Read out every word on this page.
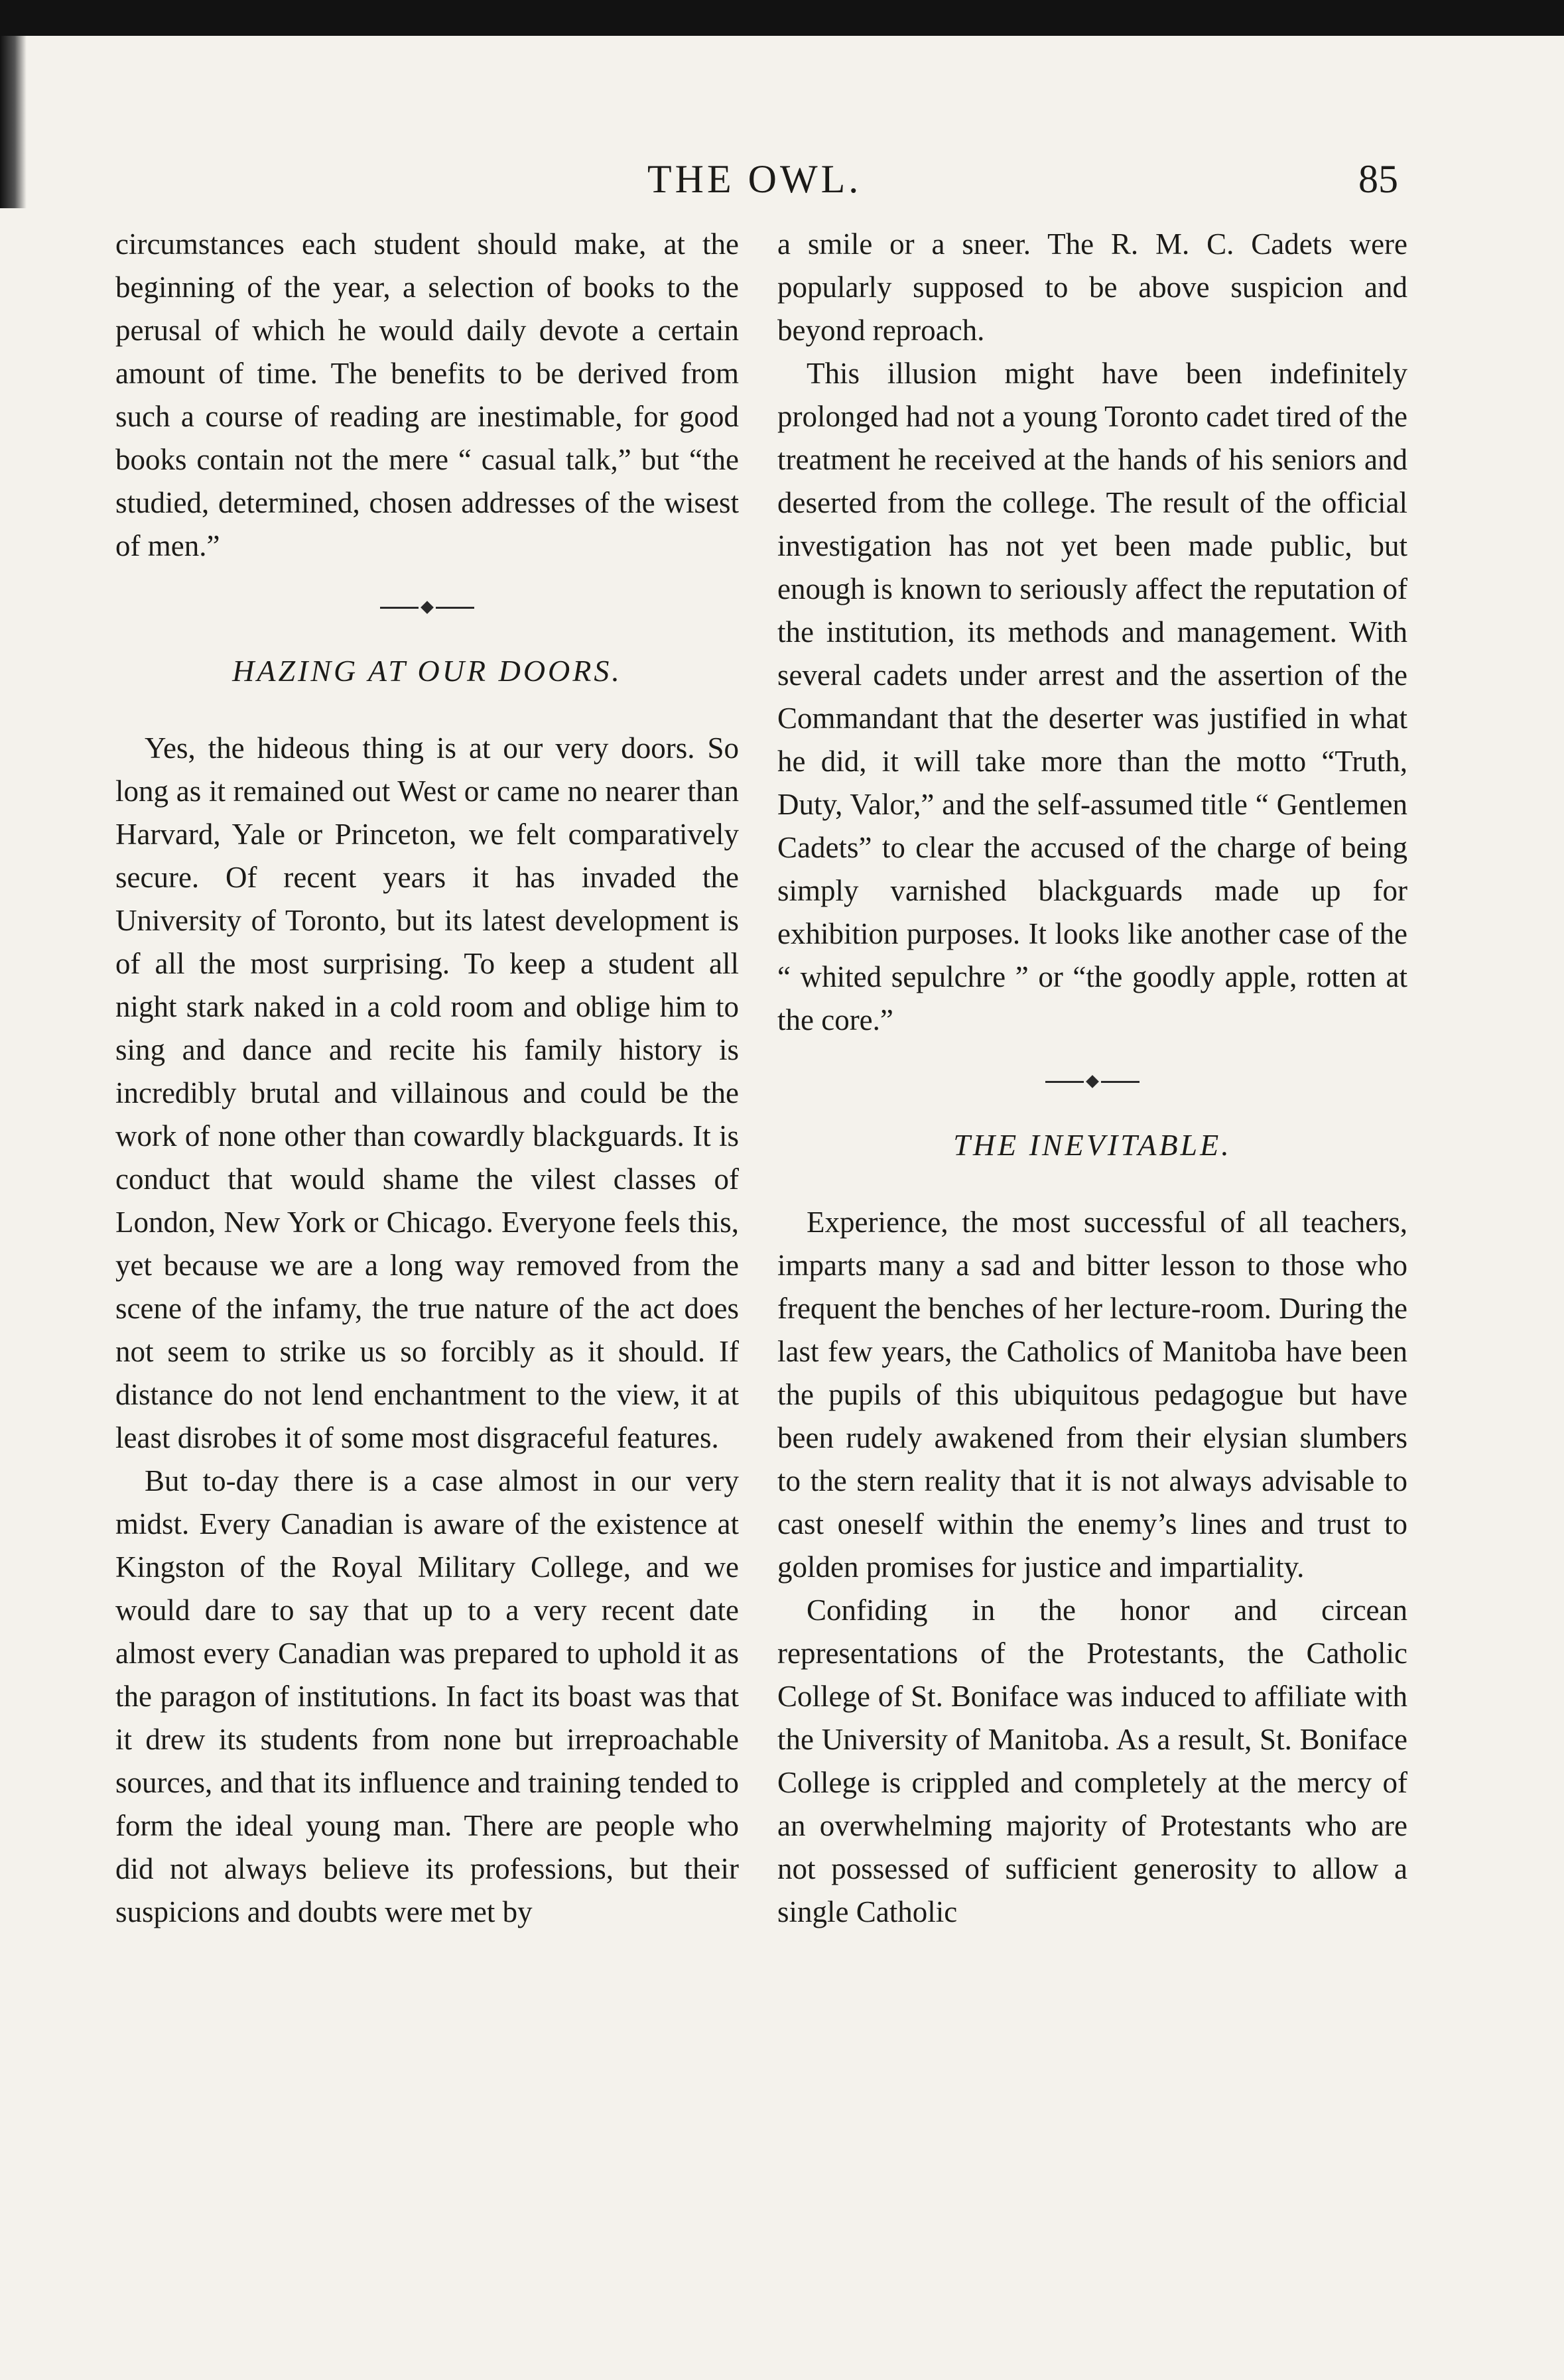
THE OWL.	85

circumstances each student should make, at the beginning of the year, a selection of books to the perusal of which he would daily devote a certain amount of time. The benefits to be derived from such a course of reading are inestimable, for good books contain not the mere “ casual talk,” but “the studied, determined, chosen addresses of the wisest of men.”

HAZING AT OUR DOORS.

Yes, the hideous thing is at our very doors. So long as it remained out West or came no nearer than Harvard, Yale or Princeton, we felt comparatively secure. Of recent years it has invaded the University of Toronto, but its latest development is of all the most surprising. To keep a student all night stark naked in a cold room and oblige him to sing and dance and recite his family history is incredibly brutal and villainous and could be the work of none other than cowardly blackguards. It is conduct that would shame the vilest classes of London, New York or Chicago. Everyone feels this, yet because we are a long way removed from the scene of the infamy, the true nature of the act does not seem to strike us so forcibly as it should. If distance do not lend enchantment to the view, it at least disrobes it of some most disgraceful features.

But to-day there is a case almost in our very midst. Every Canadian is aware of the existence at Kingston of the Royal Military College, and we would dare to say that up to a very recent date almost every Canadian was prepared to uphold it as the paragon of institutions. In fact its boast was that it drew its students from none but irreproachable sources, and that its influence and training tended to form the ideal young man. There are people who did not always believe its professions, but their suspicions and doubts were met by

a smile or a sneer. The R. M. C. Cadets were popularly supposed to be above suspicion and beyond reproach.

This illusion might have been indefinitely prolonged had not a young Toronto cadet tired of the treatment he received at the hands of his seniors and deserted from the college. The result of the official investigation has not yet been made public, but enough is known to seriously affect the reputation of the institution, its methods and management. With several cadets under arrest and the assertion of the Commandant that the deserter was justified in what he did, it will take more than the motto “Truth, Duty, Valor,” and the self-assumed title “ Gentlemen Cadets” to clear the accused of the charge of being simply varnished blackguards made up for exhibition purposes. It looks like another case of the “ whited sepulchre ” or “the goodly apple, rotten at the core.”

THE INEVITABLE.

Experience, the most successful of all teachers, imparts many a sad and bitter lesson to those who frequent the benches of her lecture-room. During the last few years, the Catholics of Manitoba have been the pupils of this ubiquitous pedagogue but have been rudely awakened from their elysian slumbers to the stern reality that it is not always advisable to cast oneself within the enemy’s lines and trust to golden promises for justice and impartiality.

Confiding in the honor and circean representations of the Protestants, the Catholic College of St. Boniface was induced to affiliate with the University of Manitoba. As a result, St. Boniface College is crippled and completely at the mercy of an overwhelming majority of Protestants who are not possessed of sufficient generosity to allow a single Catholic
